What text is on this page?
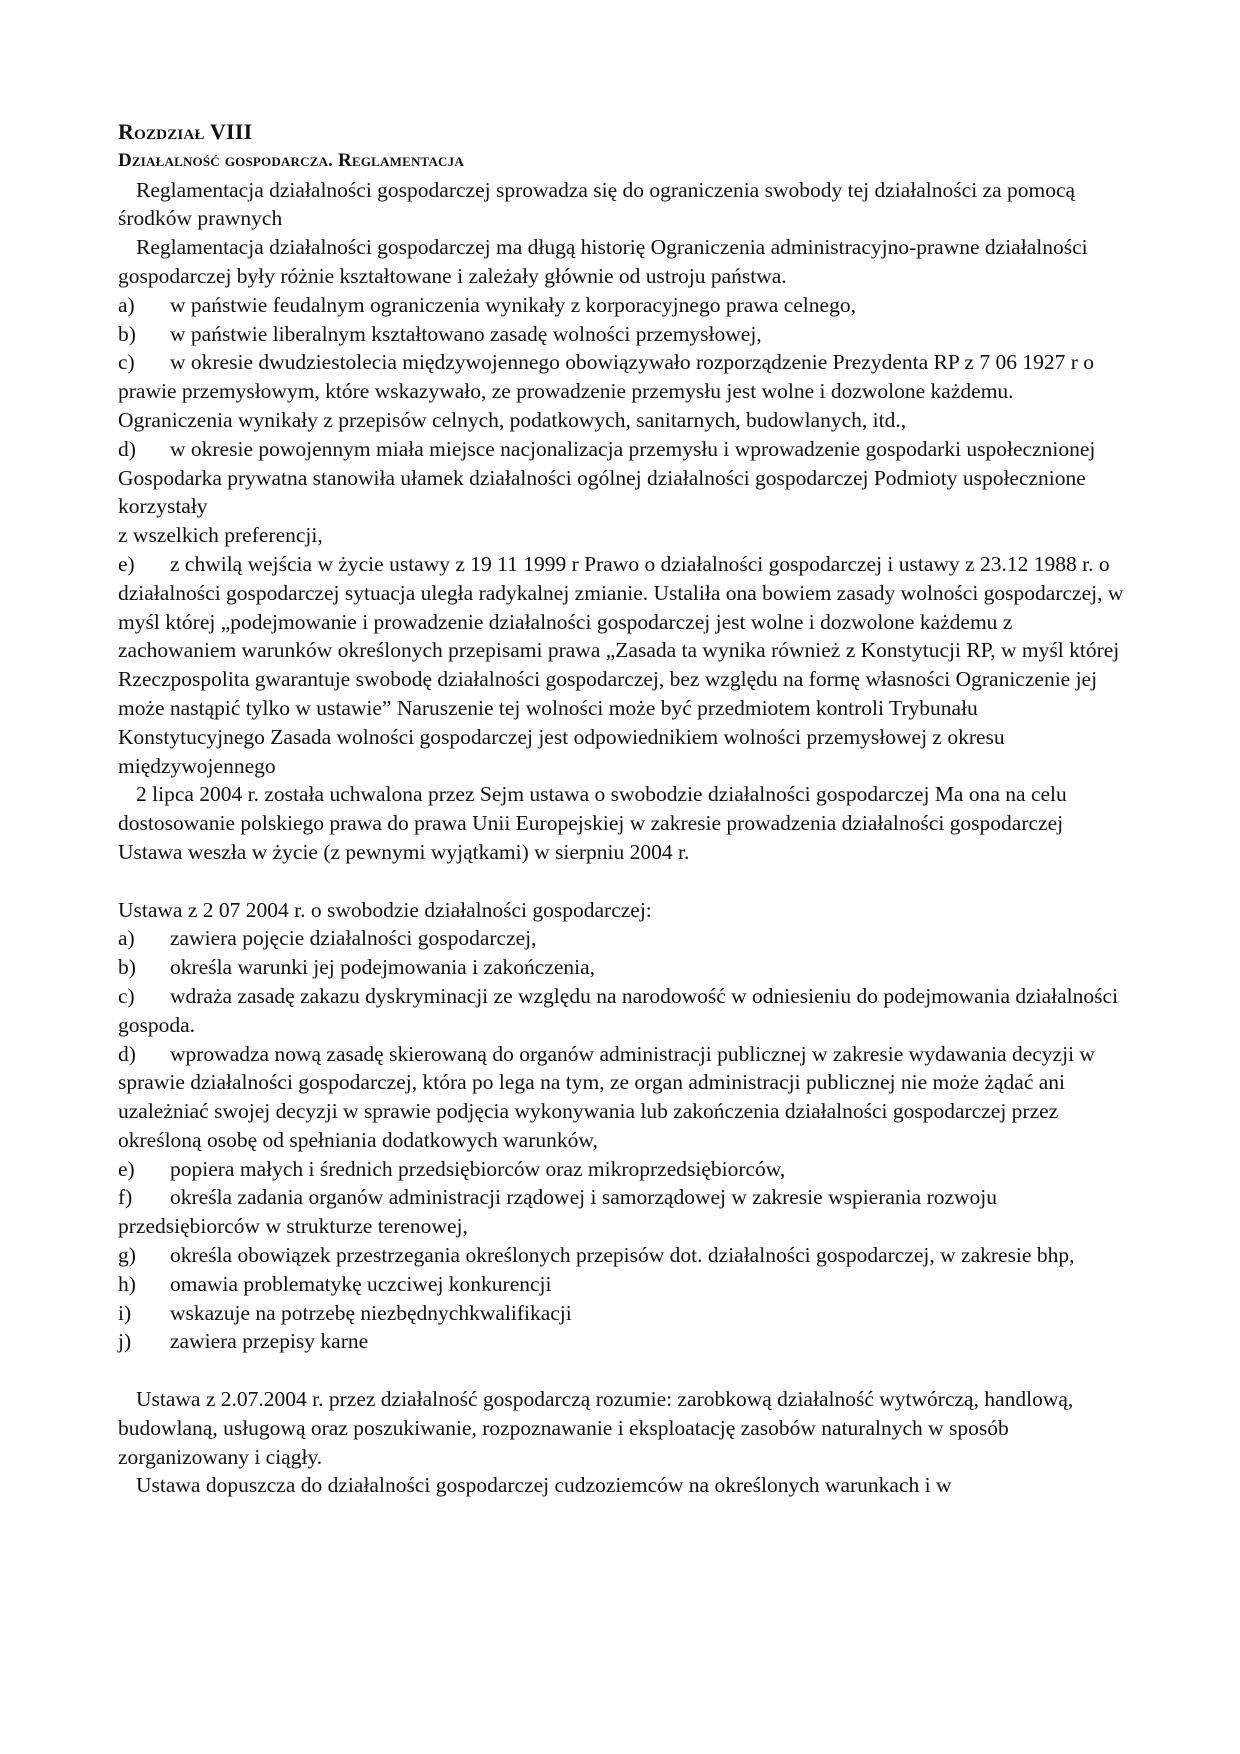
Rozdział VIII

Działalność gospodarcza. Reglamentacja

Reglamentacja działalności gospodarczej sprowadza się do ograniczenia swobody tej działalności za pomocą środków prawnych

Reglamentacja działalności gospodarczej ma długą historię Ograniczenia administracyjno-prawne działalności gospodarczej były różnie kształtowane i zależały głównie od ustroju państwa.

a) w państwie feudalnym ograniczenia wynikały z korporacyjnego prawa celnego,

b) w państwie liberalnym kształtowano zasadę wolności przemysłowej,

c) w okresie dwudziestolecia międzywojennego obowiązywało rozporządzenie Prezydenta RP z 7 06 1927 r o prawie przemysłowym, które wskazywało, ze prowadzenie przemysłu jest wolne i dozwolone każdemu. Ograniczenia wynikały z przepisów celnych, podatkowych, sanitarnych, budowlanych, itd.,

d) w okresie powojennym miała miejsce nacjonalizacja przemysłu i wprowadzenie gospodarki uspołecznionej Gospodarka prywatna stanowiła ułamek działalności ogólnej działalności gospodarczej Podmioty uspołecznione korzystały

z wszelkich preferencji,

e) z chwilą wejścia w życie ustawy z 19 11 1999 r Prawo o działalności gospodarczej i ustawy z 23.12 1988 r. o działalności gospodarczej sytuacja uległa radykalnej zmianie. Ustaliła ona bowiem zasady wolności gospodarczej, w myśl której „podejmowanie i prowadzenie działalności gospodarczej jest wolne i dozwolone każdemu z zachowaniem warunków określonych przepisami prawa „Zasada ta wynika również z Konstytucji RP, w myśl której Rzeczpospolita gwarantuje swobodę działalności gospodarczej, bez względu na formę własności Ograniczenie jej może nastąpić tylko w ustawie” Naruszenie tej wolności może być przedmiotem kontroli Trybunału Konstytucyjnego Zasada wolności gospodarczej jest odpowiednikiem wolności przemysłowej z okresu międzywojennego

2 lipca 2004 r. została uchwalona przez Sejm ustawa o swobodzie działalności gospodarczej Ma ona na celu dostosowanie polskiego prawa do prawa Unii Europejskiej w zakresie prowadzenia działalności gospodarczej Ustawa weszła w życie (z pewnymi wyjątkami) w sierpniu 2004 r.

Ustawa z 2 07 2004 r. o swobodzie działalności gospodarczej:

a) zawiera pojęcie działalności gospodarczej,

b) określa warunki jej podejmowania i zakończenia,

c) wdraża zasadę zakazu dyskryminacji ze względu na narodowość w odniesieniu do podejmowania działalności gospoda.

d) wprowadza nową zasadę skierowaną do organów administracji publicznej w zakresie wydawania decyzji w sprawie działalności gospodarczej, która po lega na tym, ze organ administracji publicznej nie może żądać ani uzależniać swojej decyzji w sprawie podjęcia wykonywania lub zakończenia działalności gospodarczej przez określoną osobę od spełniania dodatkowych warunków,

e) popiera małych i średnich przedsiębiorców oraz mikroprzedsiębiorców,

f) określa zadania organów administracji rządowej i samorządowej w zakresie wspierania rozwoju przedsiębiorców w strukturze terenowej,

g) określa obowiązek przestrzegania określonych przepisów dot. działalności gospodarczej, w zakresie bhp,

h) omawia problematykę uczciwej konkurencji

i) wskazuje na potrzebę niezbędnychkwalifikacji

j) zawiera przepisy karne

Ustawa z 2.07.2004 r. przez działalność gospodarczą rozumie: zarobkową działalność wytwórczą, handlową, budowlaną, usługową oraz poszukiwanie, rozpoznawanie i eksploatację zasobów naturalnych w sposób zorganizowany i ciągły.

Ustawa dopuszcza do działalności gospodarczej cudzoziemców na określonych warunkach i w
